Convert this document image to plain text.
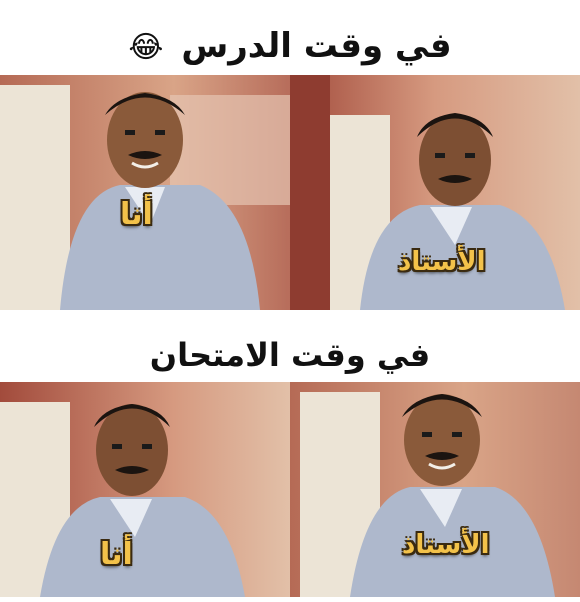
في وقت الدرس 😂
أنا
الأستاذ
في وقت الامتحان
أنا	الأستاذ
